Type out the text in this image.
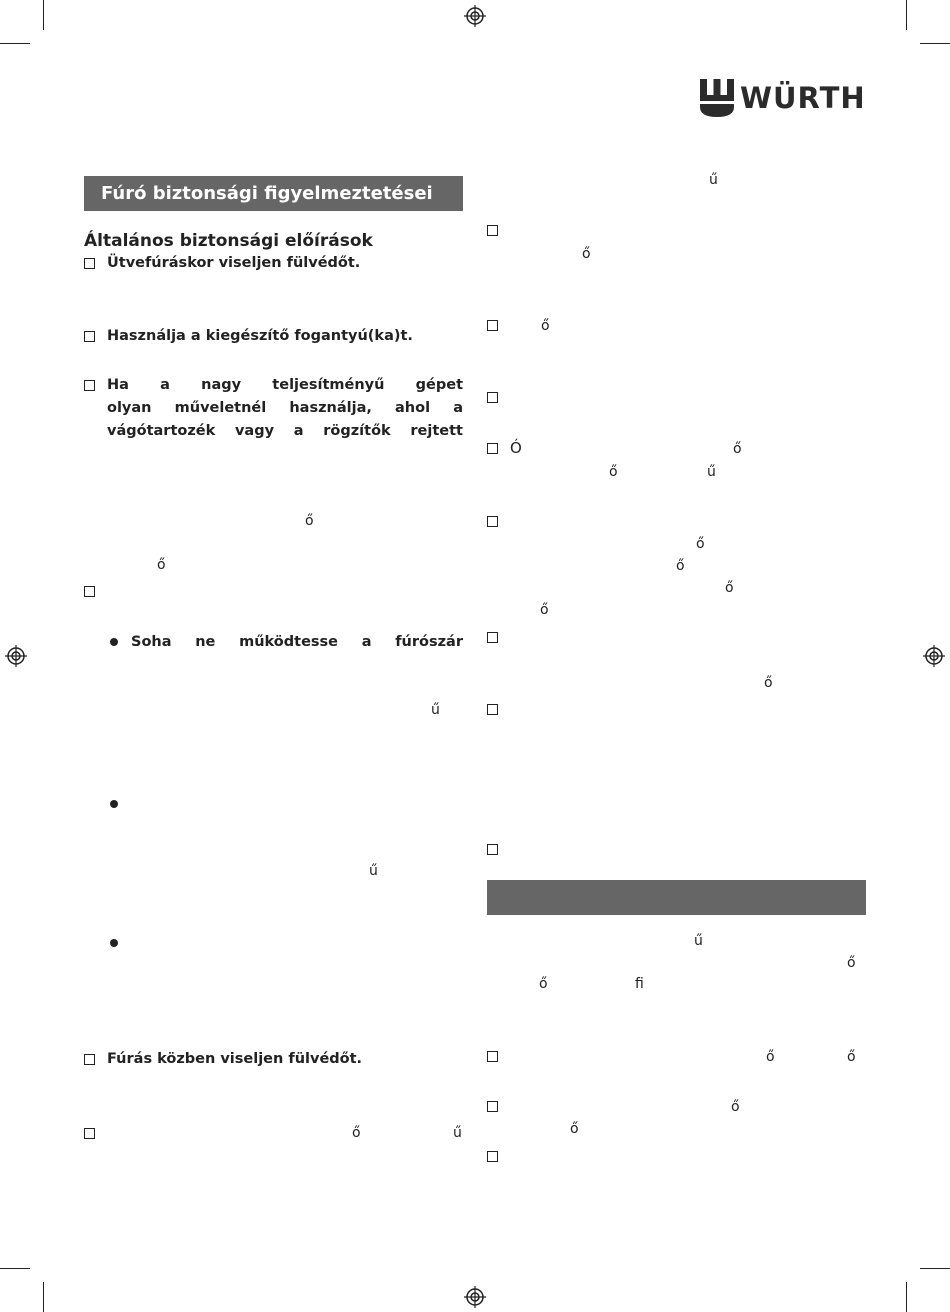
WÜRTH
Fúró biztonsági figyelmeztetései
Általános biztonsági előírások
Ütvefúráskor viseljen fülvédőt.
Használja a kiegészítő fogantyú(ka)t.
Ha a nagy teljesítményű gépet
olyan műveletnél használja, ahol a
vágótartozék vagy a rögzítők rejtett
ő
ő
Soha ne működtesse a fúrószár
ű
ű
Fúrás közben viseljen fülvédőt.
ő	ű
ű
ő
ő
Ó	ő
ő	ű
ő
ő
ő
ő
ő
ű
ő
ő	ﬁ
ő	ő
ő
ő
